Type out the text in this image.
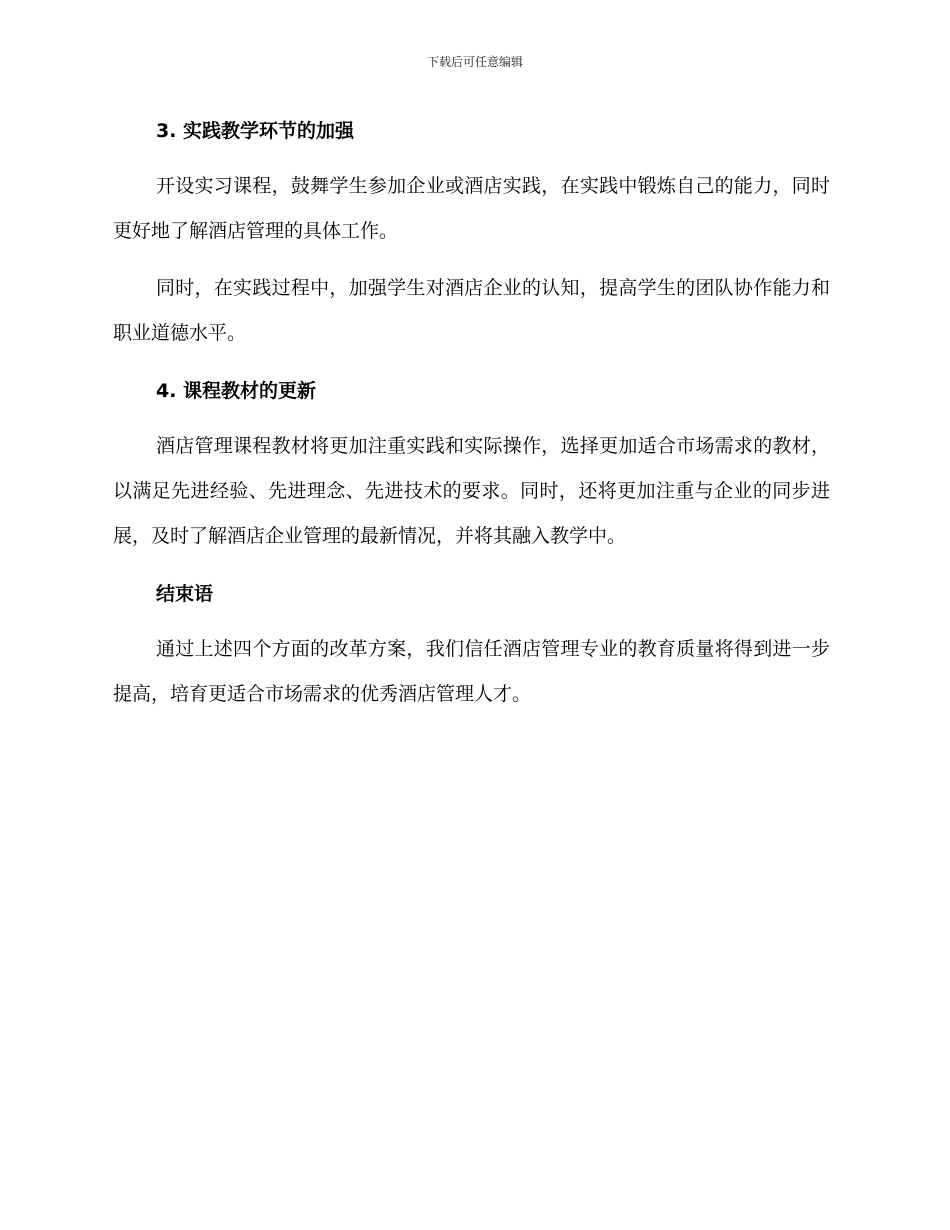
下载后可任意编辑
3. 实践教学环节的加强

开设实习课程，鼓舞学生参加企业或酒店实践，在实践中锻炼自己的能力，同时更好地了解酒店管理的具体工作。

同时，在实践过程中，加强学生对酒店企业的认知，提高学生的团队协作能力和职业道德水平。

4. 课程教材的更新

酒店管理课程教材将更加注重实践和实际操作，选择更加适合市场需求的教材，以满足先进经验、先进理念、先进技术的要求。同时，还将更加注重与企业的同步进展，及时了解酒店企业管理的最新情况，并将其融入教学中。

结束语

通过上述四个方面的改革方案，我们信任酒店管理专业的教育质量将得到进一步提高，培育更适合市场需求的优秀酒店管理人才。
